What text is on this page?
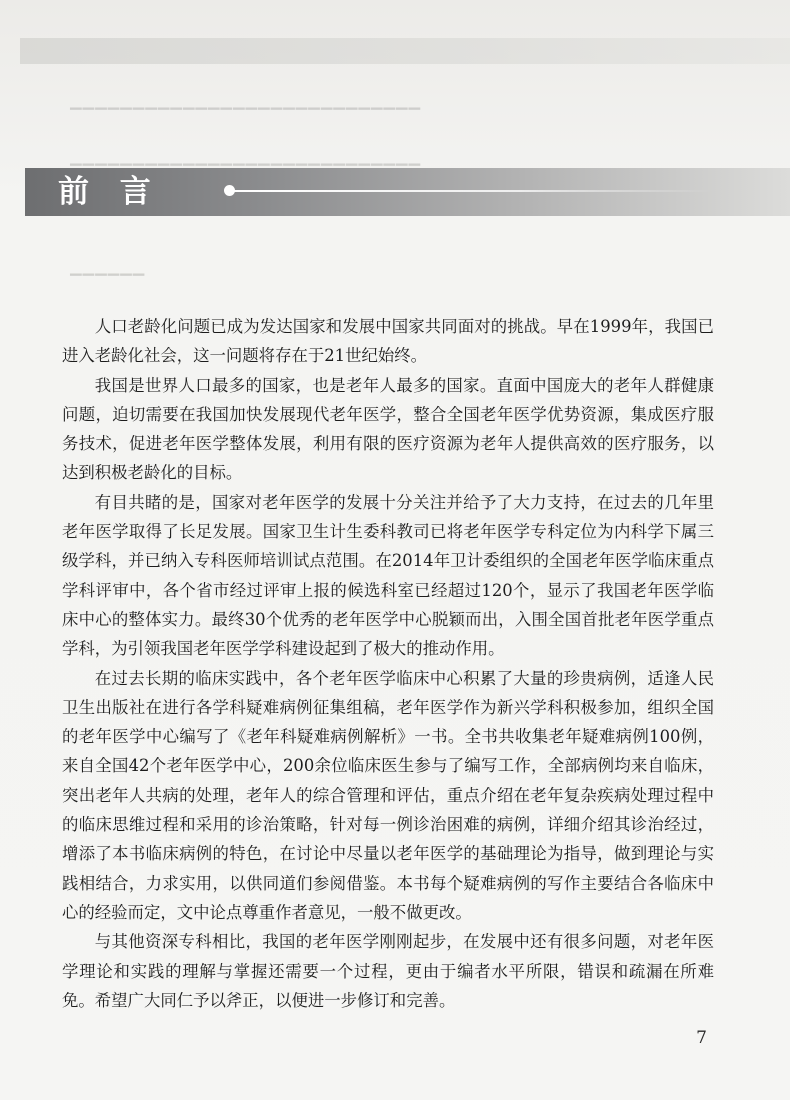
▁▁▁▁▁▁▁▁▁▁▁▁▁▁▁▁▁▁▁▁▁▁▁▁▁▁▁▁
▁▁▁▁▁▁▁▁▁▁▁▁▁▁▁▁▁▁▁▁▁▁▁▁▁▁▁▁
▁▁▁▁▁▁
前 言

人口老龄化问题已成为发达国家和发展中国家共同面对的挑战。早在1999年，我国已进入老龄化社会，这一问题将存在于21世纪始终。

我国是世界人口最多的国家，也是老年人最多的国家。直面中国庞大的老年人群健康问题，迫切需要在我国加快发展现代老年医学，整合全国老年医学优势资源，集成医疗服务技术，促进老年医学整体发展，利用有限的医疗资源为老年人提供高效的医疗服务，以达到积极老龄化的目标。

有目共睹的是，国家对老年医学的发展十分关注并给予了大力支持，在过去的几年里老年医学取得了长足发展。国家卫生计生委科教司已将老年医学专科定位为内科学下属三级学科，并已纳入专科医师培训试点范围。在2014年卫计委组织的全国老年医学临床重点学科评审中，各个省市经过评审上报的候选科室已经超过120个，显示了我国老年医学临床中心的整体实力。最终30个优秀的老年医学中心脱颖而出，入围全国首批老年医学重点学科，为引领我国老年医学学科建设起到了极大的推动作用。

在过去长期的临床实践中，各个老年医学临床中心积累了大量的珍贵病例，适逢人民卫生出版社在进行各学科疑难病例征集组稿，老年医学作为新兴学科积极参加，组织全国的老年医学中心编写了《老年科疑难病例解析》一书。全书共收集老年疑难病例100例，来自全国42个老年医学中心，200余位临床医生参与了编写工作，全部病例均来自临床，突出老年人共病的处理，老年人的综合管理和评估，重点介绍在老年复杂疾病处理过程中的临床思维过程和采用的诊治策略，针对每一例诊治困难的病例，详细介绍其诊治经过，增添了本书临床病例的特色，在讨论中尽量以老年医学的基础理论为指导，做到理论与实践相结合，力求实用，以供同道们参阅借鉴。本书每个疑难病例的写作主要结合各临床中心的经验而定，文中论点尊重作者意见，一般不做更改。

与其他资深专科相比，我国的老年医学刚刚起步，在发展中还有很多问题，对老年医学理论和实践的理解与掌握还需要一个过程，更由于编者水平所限，错误和疏漏在所难免。希望广大同仁予以斧正，以便进一步修订和完善。

7
